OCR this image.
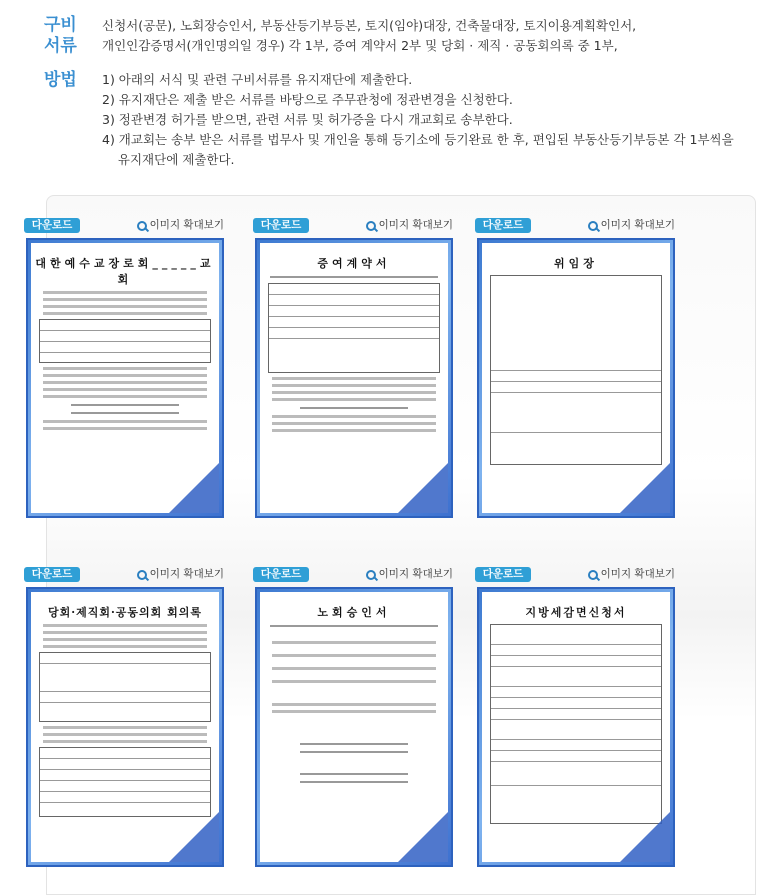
구비
서류
신청서(공문), 노회장승인서, 부동산등기부등본, 토지(임야)대장, 건축물대장, 토지이용계획확인서,
개인인감증명서(개인명의일 경우) 각 1부, 증여 계약서 2부 및 당회 · 제직 · 공동회의록 중 1부,
방법 1) 아래의 서식 및 관련 구비서류를 유지재단에 제출한다.
2) 유지재단은 제출 받은 서류를 바탕으로 주무관청에 정관변경을 신청한다.
3) 정관변경 허가를 받으면, 관련 서류 및 허가증을 다시 개교회로 송부한다.
4) 개교회는 송부 받은 서류를 법무사 및 개인을 통해 등기소에 등기완료 한 후, 편입된 부동산등기부등본 각 1부씩을
유지재단에 제출한다.
다운로드	이미지 확대보기
대한예수교장로회_____교회
다운로드	이미지 확대보기
증여계약서
다운로드	이미지 확대보기
위임장
다운로드	이미지 확대보기
당회·제직회·공동의회 회의록
다운로드	이미지 확대보기
노회승인서
다운로드	이미지 확대보기
지방세감면신청서
